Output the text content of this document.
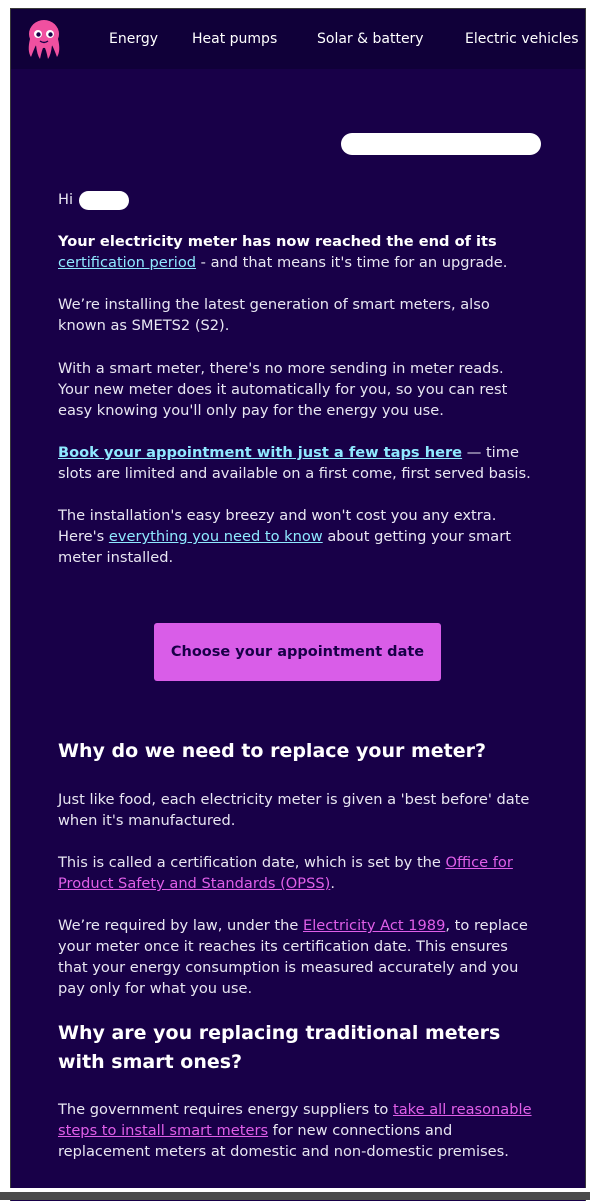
Energy Heat pumps	Solar & battery	Electric vehicles

Hi

Your electricity meter has now reached the end of its certification period - and that means it's time for an upgrade.

We’re installing the latest generation of smart meters, also known as SMETS2 (S2).

With a smart meter, there's no more sending in meter reads. Your new meter does it automatically for you, so you can rest easy knowing you'll only pay for the energy you use.

Book your appointment with just a few taps here — time slots are limited and available on a first come, first served basis.

The installation's easy breezy and won't cost you any extra. Here's everything you need to know about getting your smart meter installed.

Why do we need to replace your meter?

Just like food, each electricity meter is given a 'best before' date when it's manufactured.

This is called a certification date, which is set by the Office for Product Safety and Standards (OPSS).

We’re required by law, under the Electricity Act 1989, to replace your meter once it reaches its certification date. This ensures that your energy consumption is measured accurately and you pay only for what you use.

Why are you replacing traditional meters with smart ones?

The government requires energy suppliers to take all reasonable steps to install smart meters for new connections and replacement meters at domestic and non-domestic premises.

Choose your appointment date
